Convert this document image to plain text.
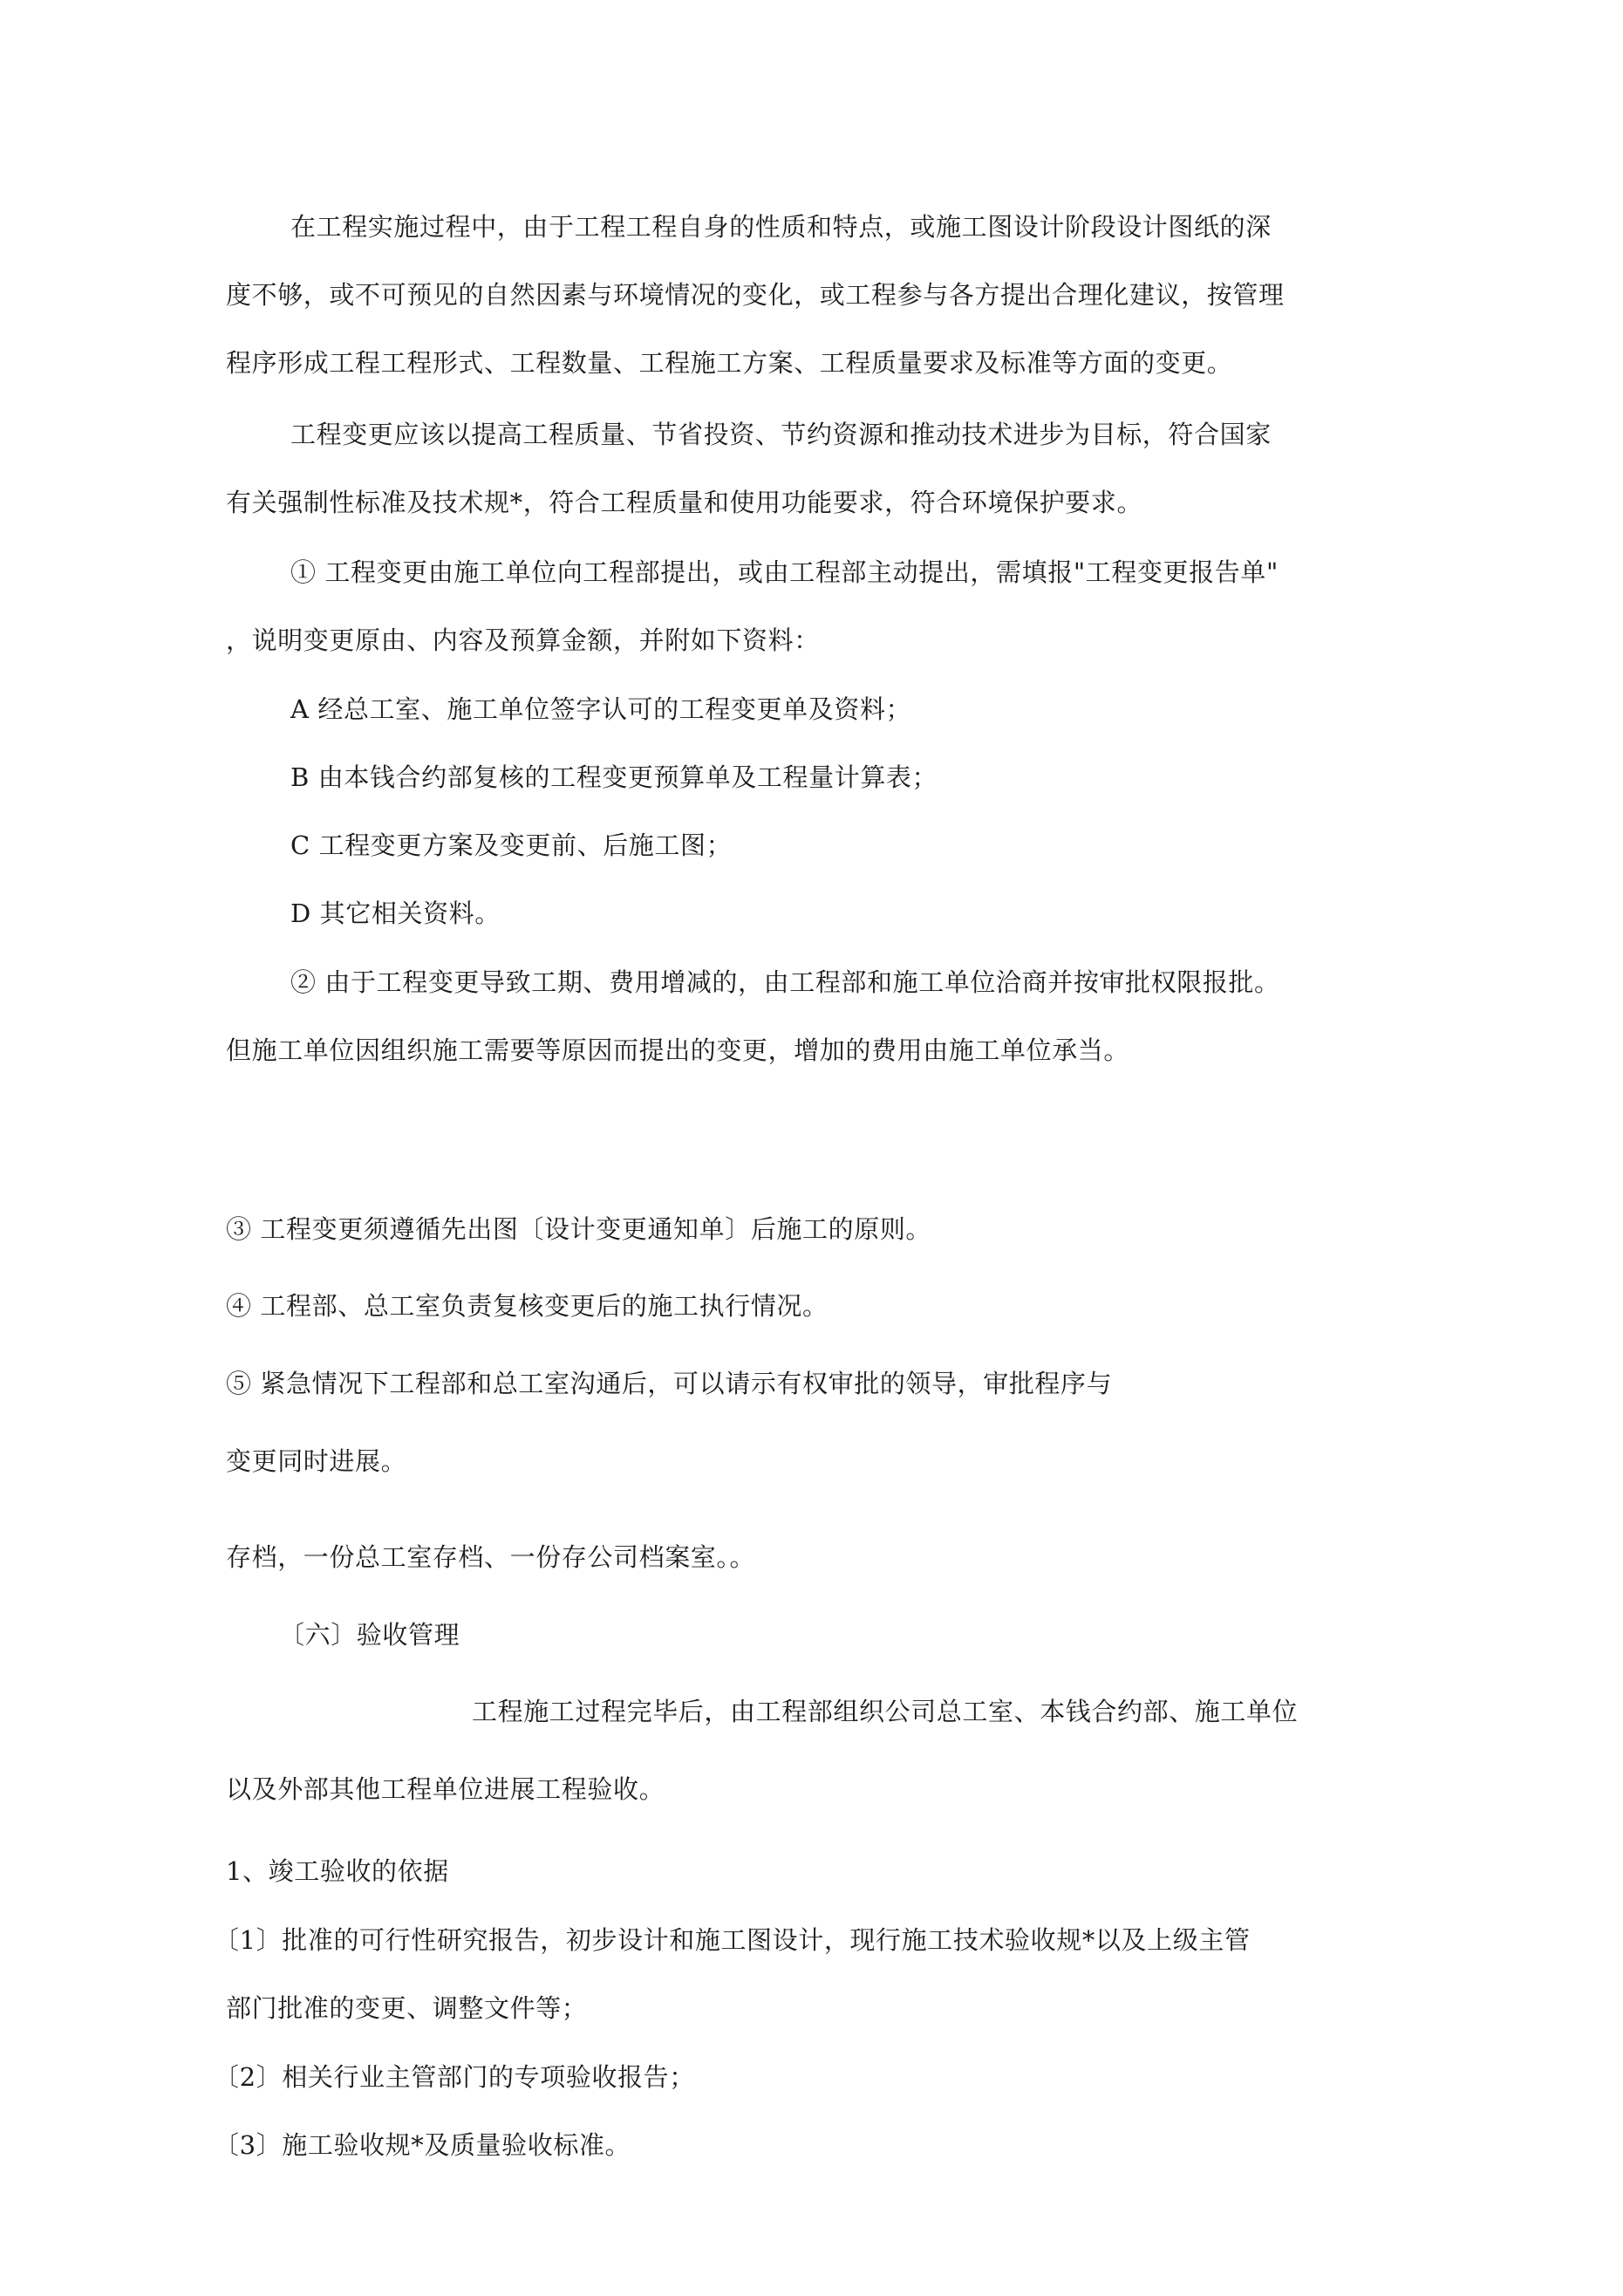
在工程实施过程中，由于工程工程自身的性质和特点，或施工图设计阶段设计图纸的深

度不够，或不可预见的自然因素与环境情况的变化，或工程参与各方提出合理化建议，按管理

程序形成工程工程形式、工程数量、工程施工方案、工程质量要求及标准等方面的变更。

工程变更应该以提高工程质量、节省投资、节约资源和推动技术进步为目标，符合国家

有关强制性标准及技术规*，符合工程质量和使用功能要求，符合环境保护要求。

① 工程变更由施工单位向工程部提出，或由工程部主动提出，需填报"工程变更报告单"

，说明变更原由、内容及预算金额，并附如下资料：

A 经总工室、施工单位签字认可的工程变更单及资料；

B 由本钱合约部复核的工程变更预算单及工程量计算表；

C 工程变更方案及变更前、后施工图；

D 其它相关资料。

② 由于工程变更导致工期、费用增减的，由工程部和施工单位洽商并按审批权限报批。

但施工单位因组织施工需要等原因而提出的变更，增加的费用由施工单位承当。

③ 工程变更须遵循先出图〔设计变更通知单〕后施工的原则。

④ 工程部、总工室负责复核变更后的施工执行情况。

⑤ 紧急情况下工程部和总工室沟通后，可以请示有权审批的领导，审批程序与

变更同时进展。

存档，一份总工室存档、一份存公司档案室。。

〔六〕验收管理

工程施工过程完毕后，由工程部组织公司总工室、本钱合约部、施工单位

以及外部其他工程单位进展工程验收。

1、竣工验收的依据

〔1〕批准的可行性研究报告，初步设计和施工图设计，现行施工技术验收规*以及上级主管

部门批准的变更、调整文件等；

〔2〕相关行业主管部门的专项验收报告；

〔3〕施工验收规*及质量验收标准。
